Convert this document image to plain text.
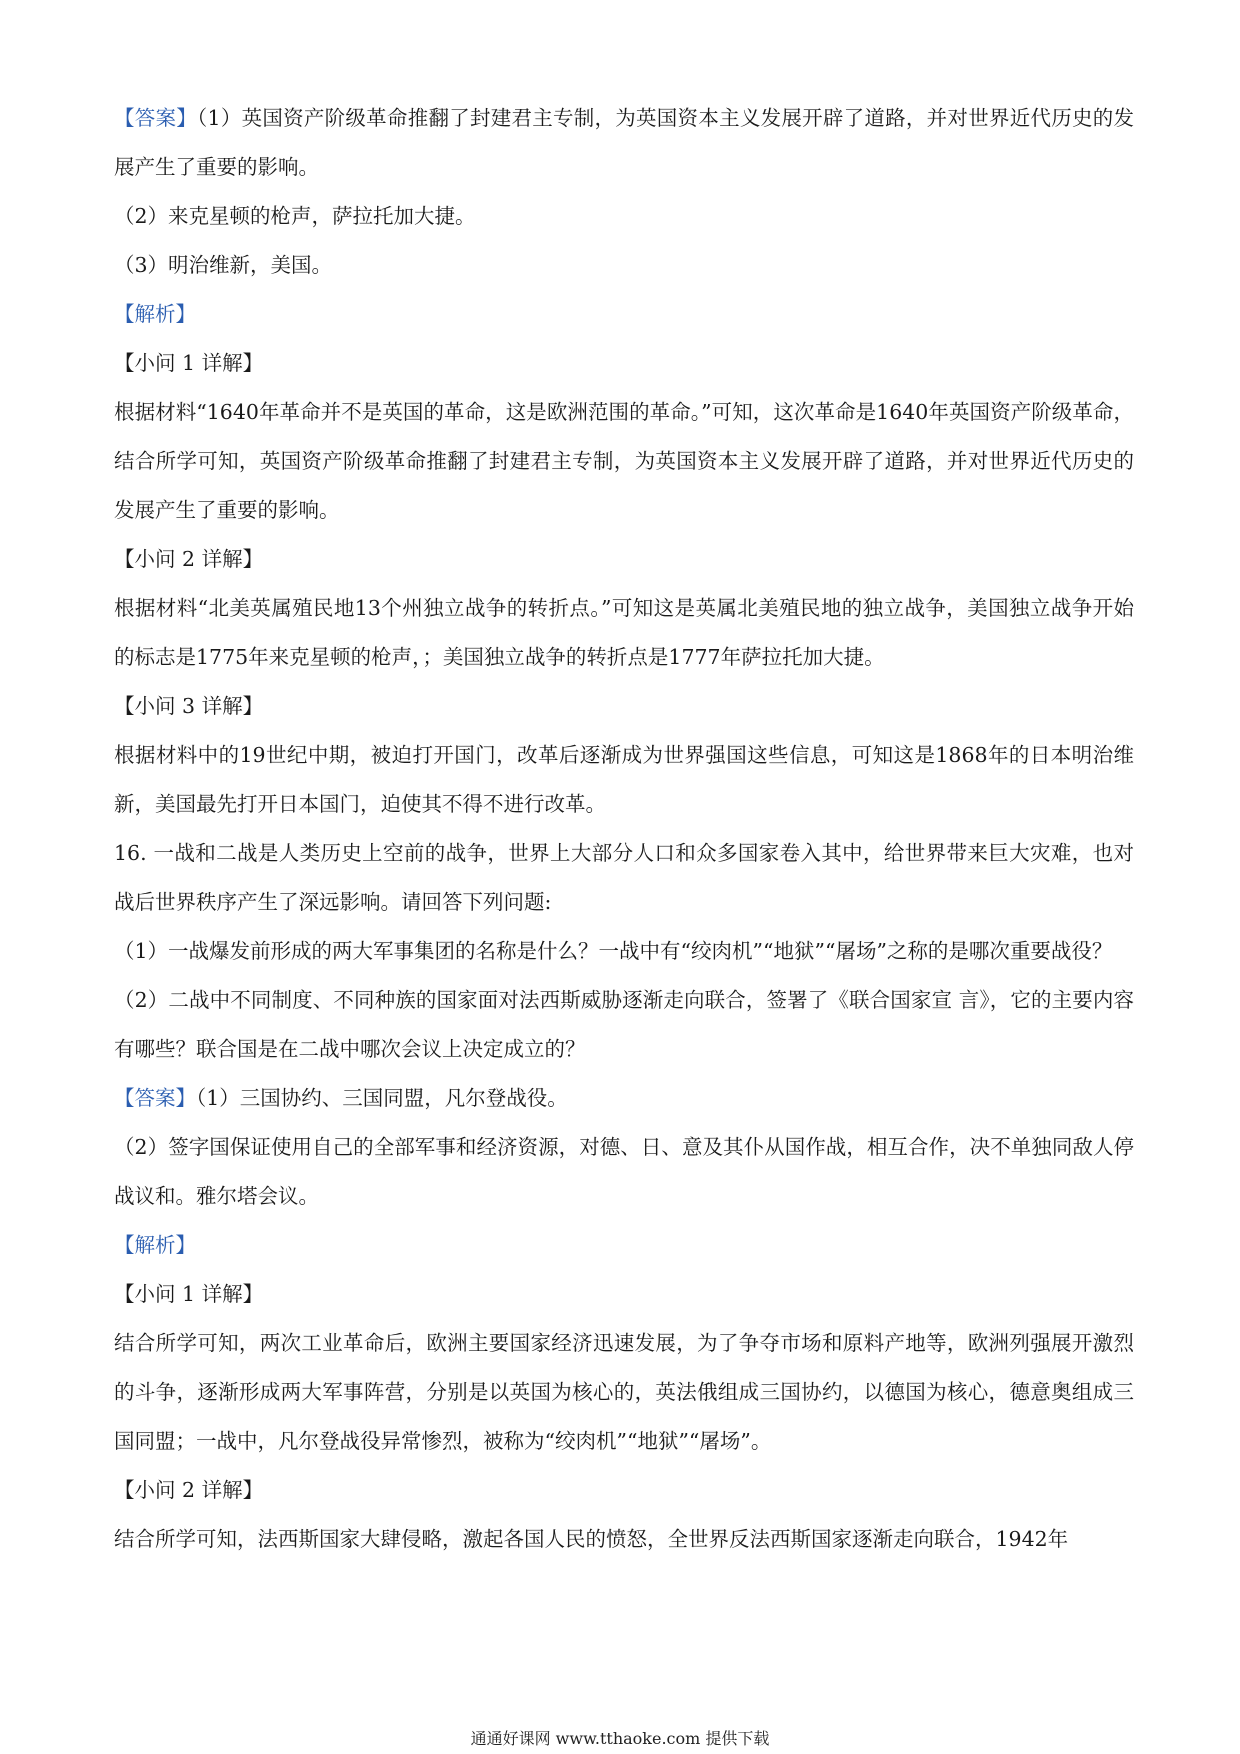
【答案】（1）英国资产阶级革命推翻了封建君主专制，为英国资本主义发展开辟了道路，并对世界近代历史的发展产生了重要的影响。

（2）来克星顿的枪声，萨拉托加大捷。

（3）明治维新，美国。

【解析】

【小问 1 详解】

根据材料“1640年革命并不是英国的革命，这是欧洲范围的革命。”可知，这次革命是1640年英国资产阶级革命，结合所学可知，英国资产阶级革命推翻了封建君主专制，为英国资本主义发展开辟了道路，并对世界近代历史的发展产生了重要的影响。

【小问 2 详解】

根据材料“北美英属殖民地13个州独立战争的转折点。”可知这是英属北美殖民地的独立战争，美国独立战争开始的标志是1775年来克星顿的枪声，；美国独立战争的转折点是1777年萨拉托加大捷。

【小问 3 详解】

根据材料中的19世纪中期，被迫打开国门，改革后逐渐成为世界强国这些信息，可知这是1868年的日本明治维新，美国最先打开日本国门，迫使其不得不进行改革。

16. 一战和二战是人类历史上空前的战争，世界上大部分人口和众多国家卷入其中，给世界带来巨大灾难，也对战后世界秩序产生了深远影响。请回答下列问题:

（1）一战爆发前形成的两大军事集团的名称是什么？一战中有“绞肉机”“地狱”“屠场”之称的是哪次重要战役？

（2）二战中不同制度、不同种族的国家面对法西斯威胁逐渐走向联合，签署了《联合国家宣 言》，它的主要内容有哪些？联合国是在二战中哪次会议上决定成立的？

【答案】（1）三国协约、三国同盟，凡尔登战役。

（2）签字国保证使用自己的全部军事和经济资源，对德、日、意及其仆从国作战，相互合作，决不单独同敌人停战议和。雅尔塔会议。

【解析】

【小问 1 详解】

结合所学可知，两次工业革命后，欧洲主要国家经济迅速发展，为了争夺市场和原料产地等，欧洲列强展开激烈的斗争，逐渐形成两大军事阵营，分别是以英国为核心的，英法俄组成三国协约，以德国为核心，德意奥组成三国同盟；一战中，凡尔登战役异常惨烈，被称为“绞肉机”“地狱”“屠场”。

【小问 2 详解】

结合所学可知，法西斯国家大肆侵略，激起各国人民的愤怒，全世界反法西斯国家逐渐走向联合，1942年

通通好课网 www.tthaoke.com 提供下载
